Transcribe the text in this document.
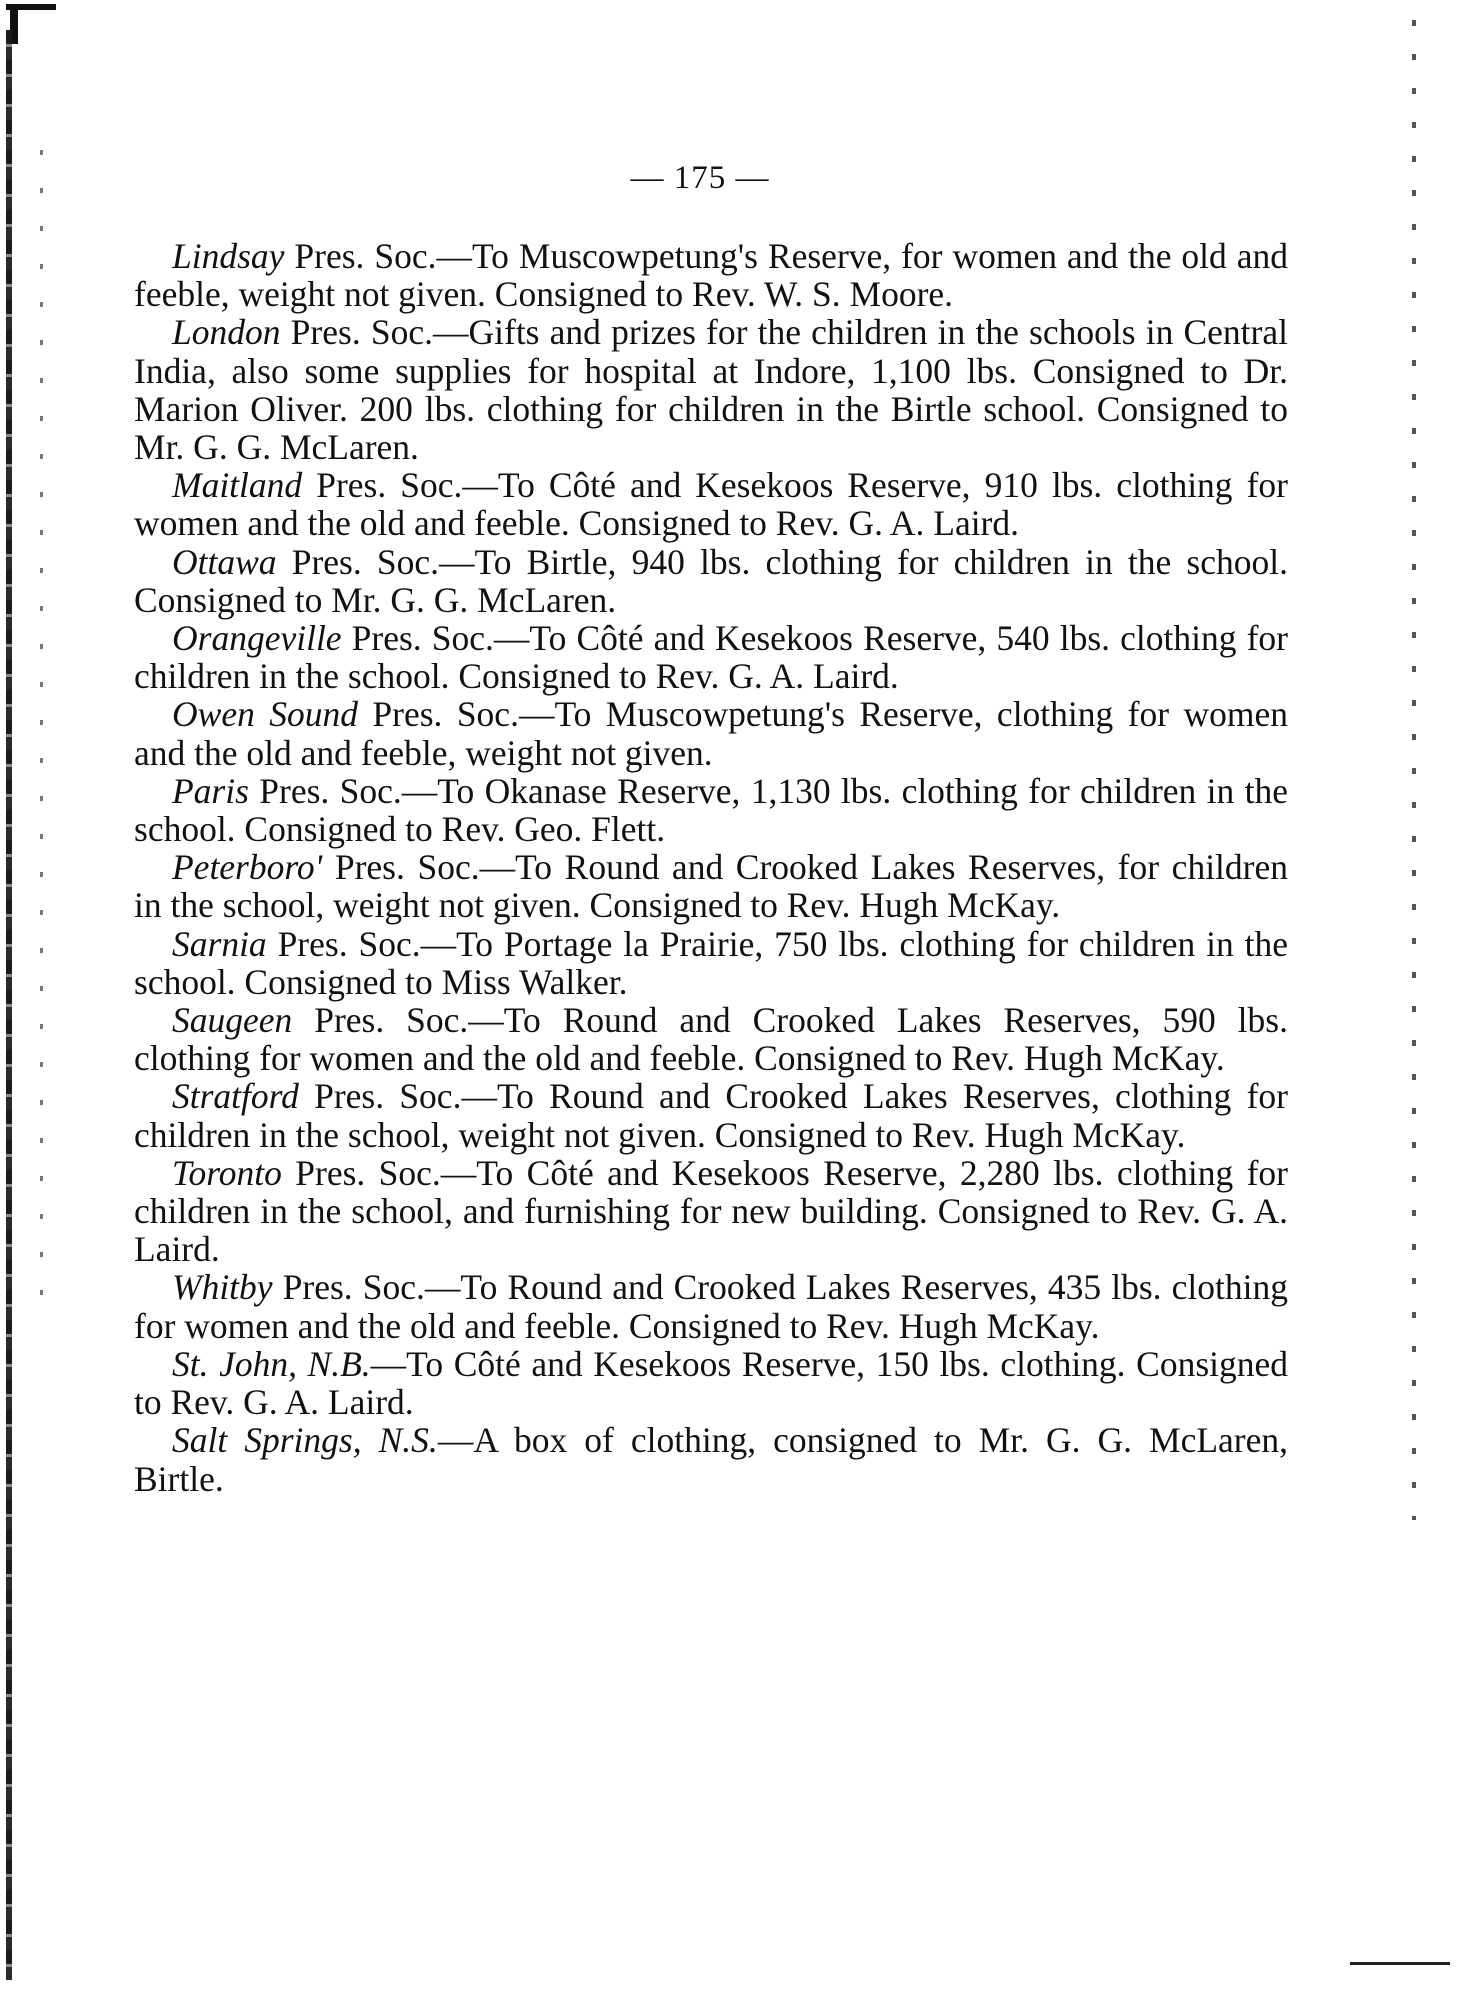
— 175 —

Lindsay Pres. Soc.—To Muscowpetung's Reserve, for women and the old and feeble, weight not given. Consigned to Rev. W. S. Moore.

London Pres. Soc.—Gifts and prizes for the children in the schools in Central India, also some supplies for hospital at Indore, 1,100 lbs. Consigned to Dr. Marion Oliver. 200 lbs. clothing for children in the Birtle school. Consigned to Mr. G. G. McLaren.

Maitland Pres. Soc.—To Côté and Kesekoos Reserve, 910 lbs. clothing for women and the old and feeble. Consigned to Rev. G. A. Laird.

Ottawa Pres. Soc.—To Birtle, 940 lbs. clothing for children in the school. Consigned to Mr. G. G. McLaren.

Orangeville Pres. Soc.—To Côté and Kesekoos Reserve, 540 lbs. clothing for children in the school. Consigned to Rev. G. A. Laird.

Owen Sound Pres. Soc.—To Muscowpetung's Reserve, clothing for women and the old and feeble, weight not given.

Paris Pres. Soc.—To Okanase Reserve, 1,130 lbs. clothing for children in the school. Consigned to Rev. Geo. Flett.

Peterboro' Pres. Soc.—To Round and Crooked Lakes Reserves, for children in the school, weight not given. Consigned to Rev. Hugh McKay.

Sarnia Pres. Soc.—To Portage la Prairie, 750 lbs. clothing for children in the school. Consigned to Miss Walker.

Saugeen Pres. Soc.—To Round and Crooked Lakes Reserves, 590 lbs. clothing for women and the old and feeble. Consigned to Rev. Hugh McKay.

Stratford Pres. Soc.—To Round and Crooked Lakes Reserves, clothing for children in the school, weight not given. Consigned to Rev. Hugh McKay.

Toronto Pres. Soc.—To Côté and Kesekoos Reserve, 2,280 lbs. clothing for children in the school, and furnishing for new building. Consigned to Rev. G. A. Laird.

Whitby Pres. Soc.—To Round and Crooked Lakes Reserves, 435 lbs. clothing for women and the old and feeble. Consigned to Rev. Hugh McKay.

St. John, N.B.—To Côté and Kesekoos Reserve, 150 lbs. clothing. Consigned to Rev. G. A. Laird.

Salt Springs, N.S.—A box of clothing, consigned to Mr. G. G. McLaren, Birtle.
